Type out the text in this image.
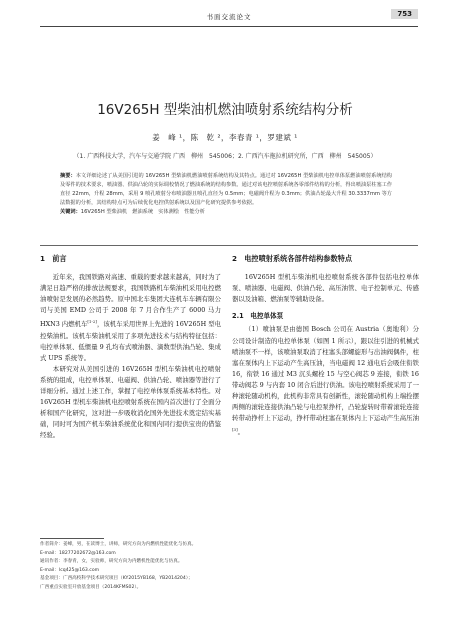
书面交流论文	753
16V265H 型柴油机燃油喷射系统结构分析
姜　峰 ¹，陈　乾 ²，李春青 ¹，罗建斌 ¹
（1. 广西科技大学，汽车与交通学院 广西　柳州　545006；2. 广西汽车拖拉机研究所，广西　柳州　545005）
摘要：本文详细论述了从美国引进的 16V265H 型柴油机燃油喷射系统结构及其特点。通过对 16V265H 型柴油机电控单体泵燃油喷射系统结构及零件的技术要求，喷油器、供油凸轮的实际调校情况了燃油系统的结构参数。通过对该电控喷射系统各零部件结构的分析，得出喷油泵柱塞工作直径 22mm，升程 28mm，采用 9 喷孔喷射分布喷油器且喷孔直径为 0.5mm；电磁阀升程为 0.3mm；供油凸轮最大升程 30.3337mm 等方法数据的分析，其结构特点可为后续优化电控供射系统以及国产化研究提供参考依据。
关键词：16V265H 型柴油机　燃油系统　实体测绘　性能分析
1　前言

近年来，我国铁路对高速、重载的要求越来越高，同时为了满足日趋严格的排放法规要求，我国铁路机车柴油机采用电控燃油喷射是发展的必然趋势。原中国北车集团大连机车车辆有限公司与美国 EMD 公司于 2008 年 7 月合作生产了 6000 马力 HXN3 内燃机车[1-2]，该机车采用世界上先进的 16V265H 型电控柴油机。该机车柴油机采用了多项先进技术与结构特征包括：电控单体泵、低惯量 9 孔均布式喷油器、滴数型供油凸轮、集成式 UPS 系统等。

本研究对从美国引进的 16V265H 型机车柴油机电控喷射系统的组成，电控单体泵、电磁阀、供油凸轮、喷油器等进行了详细分析。通过上述工作，掌握了电控单体泵系统基本特性。对 16V265H 型机车柴油机电控喷射系统在国内首次进行了全面分析和国产化研究，这对进一步吸收消化国外先进技术奠定结实基础，同时可为国产机车柴油系统优化和国内同行提供宝贵的借鉴经验。

2　电控喷射系统各部件结构参数特点

16V265H 型机车柴油机电控喷射系统各部件包括电控单体泵、喷油器、电磁阀、供油凸轮、高压油管、电子控制单元、传感器以及油箱、燃油泵等辅助设备。

2.1　电控单体泵

（1）喷油泵是由德国 Bosch 公司在 Austria（奥地利）分公司设计制造的电控单体泵（如图 1 所示），跟以往引进的机械式喷油泵不一样，该喷油泵取消了柱塞头部螺旋形与出油阀偶件，柱塞在泵体内上下运动产生高压油，当电磁阀 12 通电后会吸住衔铁 16，衔铁 16 通过 M3 沉头螺栓 15 与空心阀芯 9 连接，衔铁 16 带动阀芯 9 与内套 10 闭合后进行供油。该电控喷射系统采用了一种滚轮随动机构，此机构非常具有创新性，滚轮随动机构上端拴摆两侧的滚轮连接供油凸轮与电控泵挣杆，凸轮旋转时带着滚轮连接转带动挣杆上下运动，挣杆带动柱塞在泵体内上下运动产生高压油[3]。

作者简介：姜峰，男，在读博士，讲师，研究方向为内燃机性能优化与仿真。
E-mail：18277202672@163.com
通讯作者：李春青，女，实验师，研究方向为内燃机性能优化与仿真。
E-mail：lcq425@163.com
基金项目：广西高校科学技术研究项目（KY2015YB168，YB2014204）；
广西重点实验室开放基金项目（2014KFMS02）。
